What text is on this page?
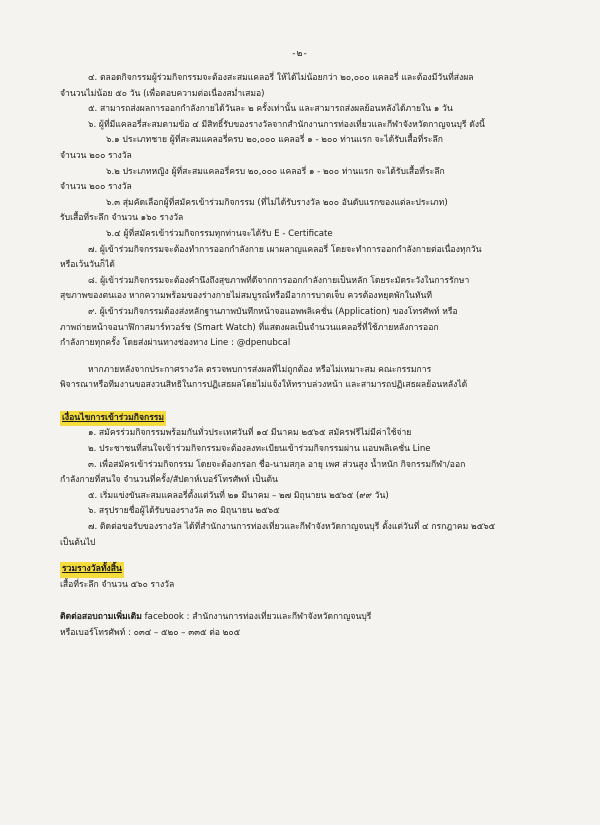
-๒-

๔. ตลอดกิจกรรมผู้ร่วมกิจกรรมจะต้องสะสมแคลอรี่ ให้ได้ไม่น้อยกว่า ๒๐,๐๐๐ แคลอรี่ และต้องมีวันที่ส่งผล

จำนวนไม่น้อย ๕๐ วัน (เพื่อตอบความต่อเนื่องสม่ำเสมอ)

๕. สามารถส่งผลการออกกำลังกายได้วันละ ๒ ครั้งเท่านั้น และสามารถส่งผลย้อนหลังได้ภายใน ๑ วัน

๖. ผู้ที่มีแคลอรี่สะสมตามข้อ ๔ มีสิทธิ์รับของรางวัลจากสำนักงานการท่องเที่ยวและกีฬาจังหวัดกาญจนบุรี ดังนี้

๖.๑ ประเภทชาย ผู้ที่สะสมแคลอรี่ครบ ๒๐,๐๐๐ แคลอรี่ ๑ - ๒๐๐ ท่านแรก จะได้รับเสื้อที่ระลึก

จำนวน ๒๐๐ รางวัล

๖.๒ ประเภทหญิง ผู้ที่สะสมแคลอรี่ครบ ๒๐,๐๐๐ แคลอรี่ ๑ - ๒๐๐ ท่านแรก จะได้รับเสื้อที่ระลึก

จำนวน ๒๐๐ รางวัล

๖.๓ สุ่มคัดเลือกผู้ที่สมัครเข้าร่วมกิจกรรม (ที่ไม่ได้รับรางวัล ๒๐๐ อันดับแรกของแต่ละประเภท)

รับเสื้อที่ระลึก จำนวน ๑๖๐ รางวัล

๖.๔ ผู้ที่สมัครเข้าร่วมกิจกรรมทุกท่านจะได้รับ E - Certificate

๗. ผู้เข้าร่วมกิจกรรมจะต้องทำการออกกำลังกาย เผาผลาญแคลอรี่ โดยจะทำการออกกำลังกายต่อเนื่องทุกวัน

หรือเว้นวันก็ได้

๘. ผู้เข้าร่วมกิจกรรมจะต้องคำนึงถึงสุขภาพที่ดีจากการออกกำลังกายเป็นหลัก โดยระมัดระวังในการรักษา

สุขภาพของตนเอง หากความพร้อมของร่างกายไม่สมบูรณ์หรือมีอาการบาดเจ็บ ควรต้องหยุดพักในทันที

๙. ผู้เข้าร่วมกิจกรรมต้องส่งหลักฐานภาพบันทึกหน้าจอแอพพลิเคชั่น (Application) ของโทรศัพท์ หรือ

ภาพถ่ายหน้าจอนาฬิกาสมาร์ทวอร์ช (Smart Watch) ที่แสดงผลเป็นจำนวนแคลอรี่ที่ใช้ภายหลังการออก

กำลังกายทุกครั้ง โดยส่งผ่านทางช่องทาง Line : @dpenubcal

หากภายหลังจากประกาศรางวัล ตรวจพบการส่งผลที่ไม่ถูกต้อง หรือไม่เหมาะสม คณะกรรมการ

พิจารณาหรือทีมงานขอสงวนสิทธิในการปฏิเสธผลโดยไม่แจ้งให้ทราบล่วงหน้า และสามารถปฏิเสธผลย้อนหลังได้

เงื่อนไขการเข้าร่วมกิจกรรม

๑. สมัครร่วมกิจกรรมพร้อมกันทั่วประเทศวันที่ ๑๔ มีนาคม ๒๕๖๕ สมัครฟรีไม่มีค่าใช้จ่าย

๒. ประชาชนที่สนใจเข้าร่วมกิจกรรมจะต้องลงทะเบียนเข้าร่วมกิจกรรมผ่าน แอบพลิเคชั่น Line

๓. เพื่อสมัครเข้าร่วมกิจกรรม โดยจะต้องกรอก ชื่อ-นามสกุล อายุ เพศ ส่วนสูง น้ำหนัก กิจกรรมกีฬา/ออก

กำลังกายที่สนใจ จำนวนที่ครั้ง/สัปดาห์เบอร์โทรศัพท์ เป็นต้น

๕. เริ่มแข่งขันสะสมแคลอรี่ตั้งแต่วันที่ ๒๑ มีนาคม – ๒๗ มิถุนายน ๒๕๖๕ (๙๙ วัน)

๖. สรุปรายชื่อผู้ได้รับของรางวัล ๓๐ มิถุนายน ๒๕๖๕

๗. ติดต่อขอรับของรางวัล ได้ที่สำนักงานการท่องเที่ยวและกีฬาจังหวัดกาญจนบุรี ตั้งแต่วันที่ ๔ กรกฎาคม ๒๕๖๕

เป็นต้นไป

รวมรางวัลทั้งสิ้น

เสื้อที่ระลึก จำนวน ๕๖๐ รางวัล

ติดต่อสอบถามเพิ่มเติม facebook : สำนักงานการท่องเที่ยวและกีฬาจังหวัดกาญจนบุรี

หรือเบอร์โทรศัพท์ : ๐๓๔ – ๕๒๐ – ๓๓๕ ต่อ ๒๐๕
